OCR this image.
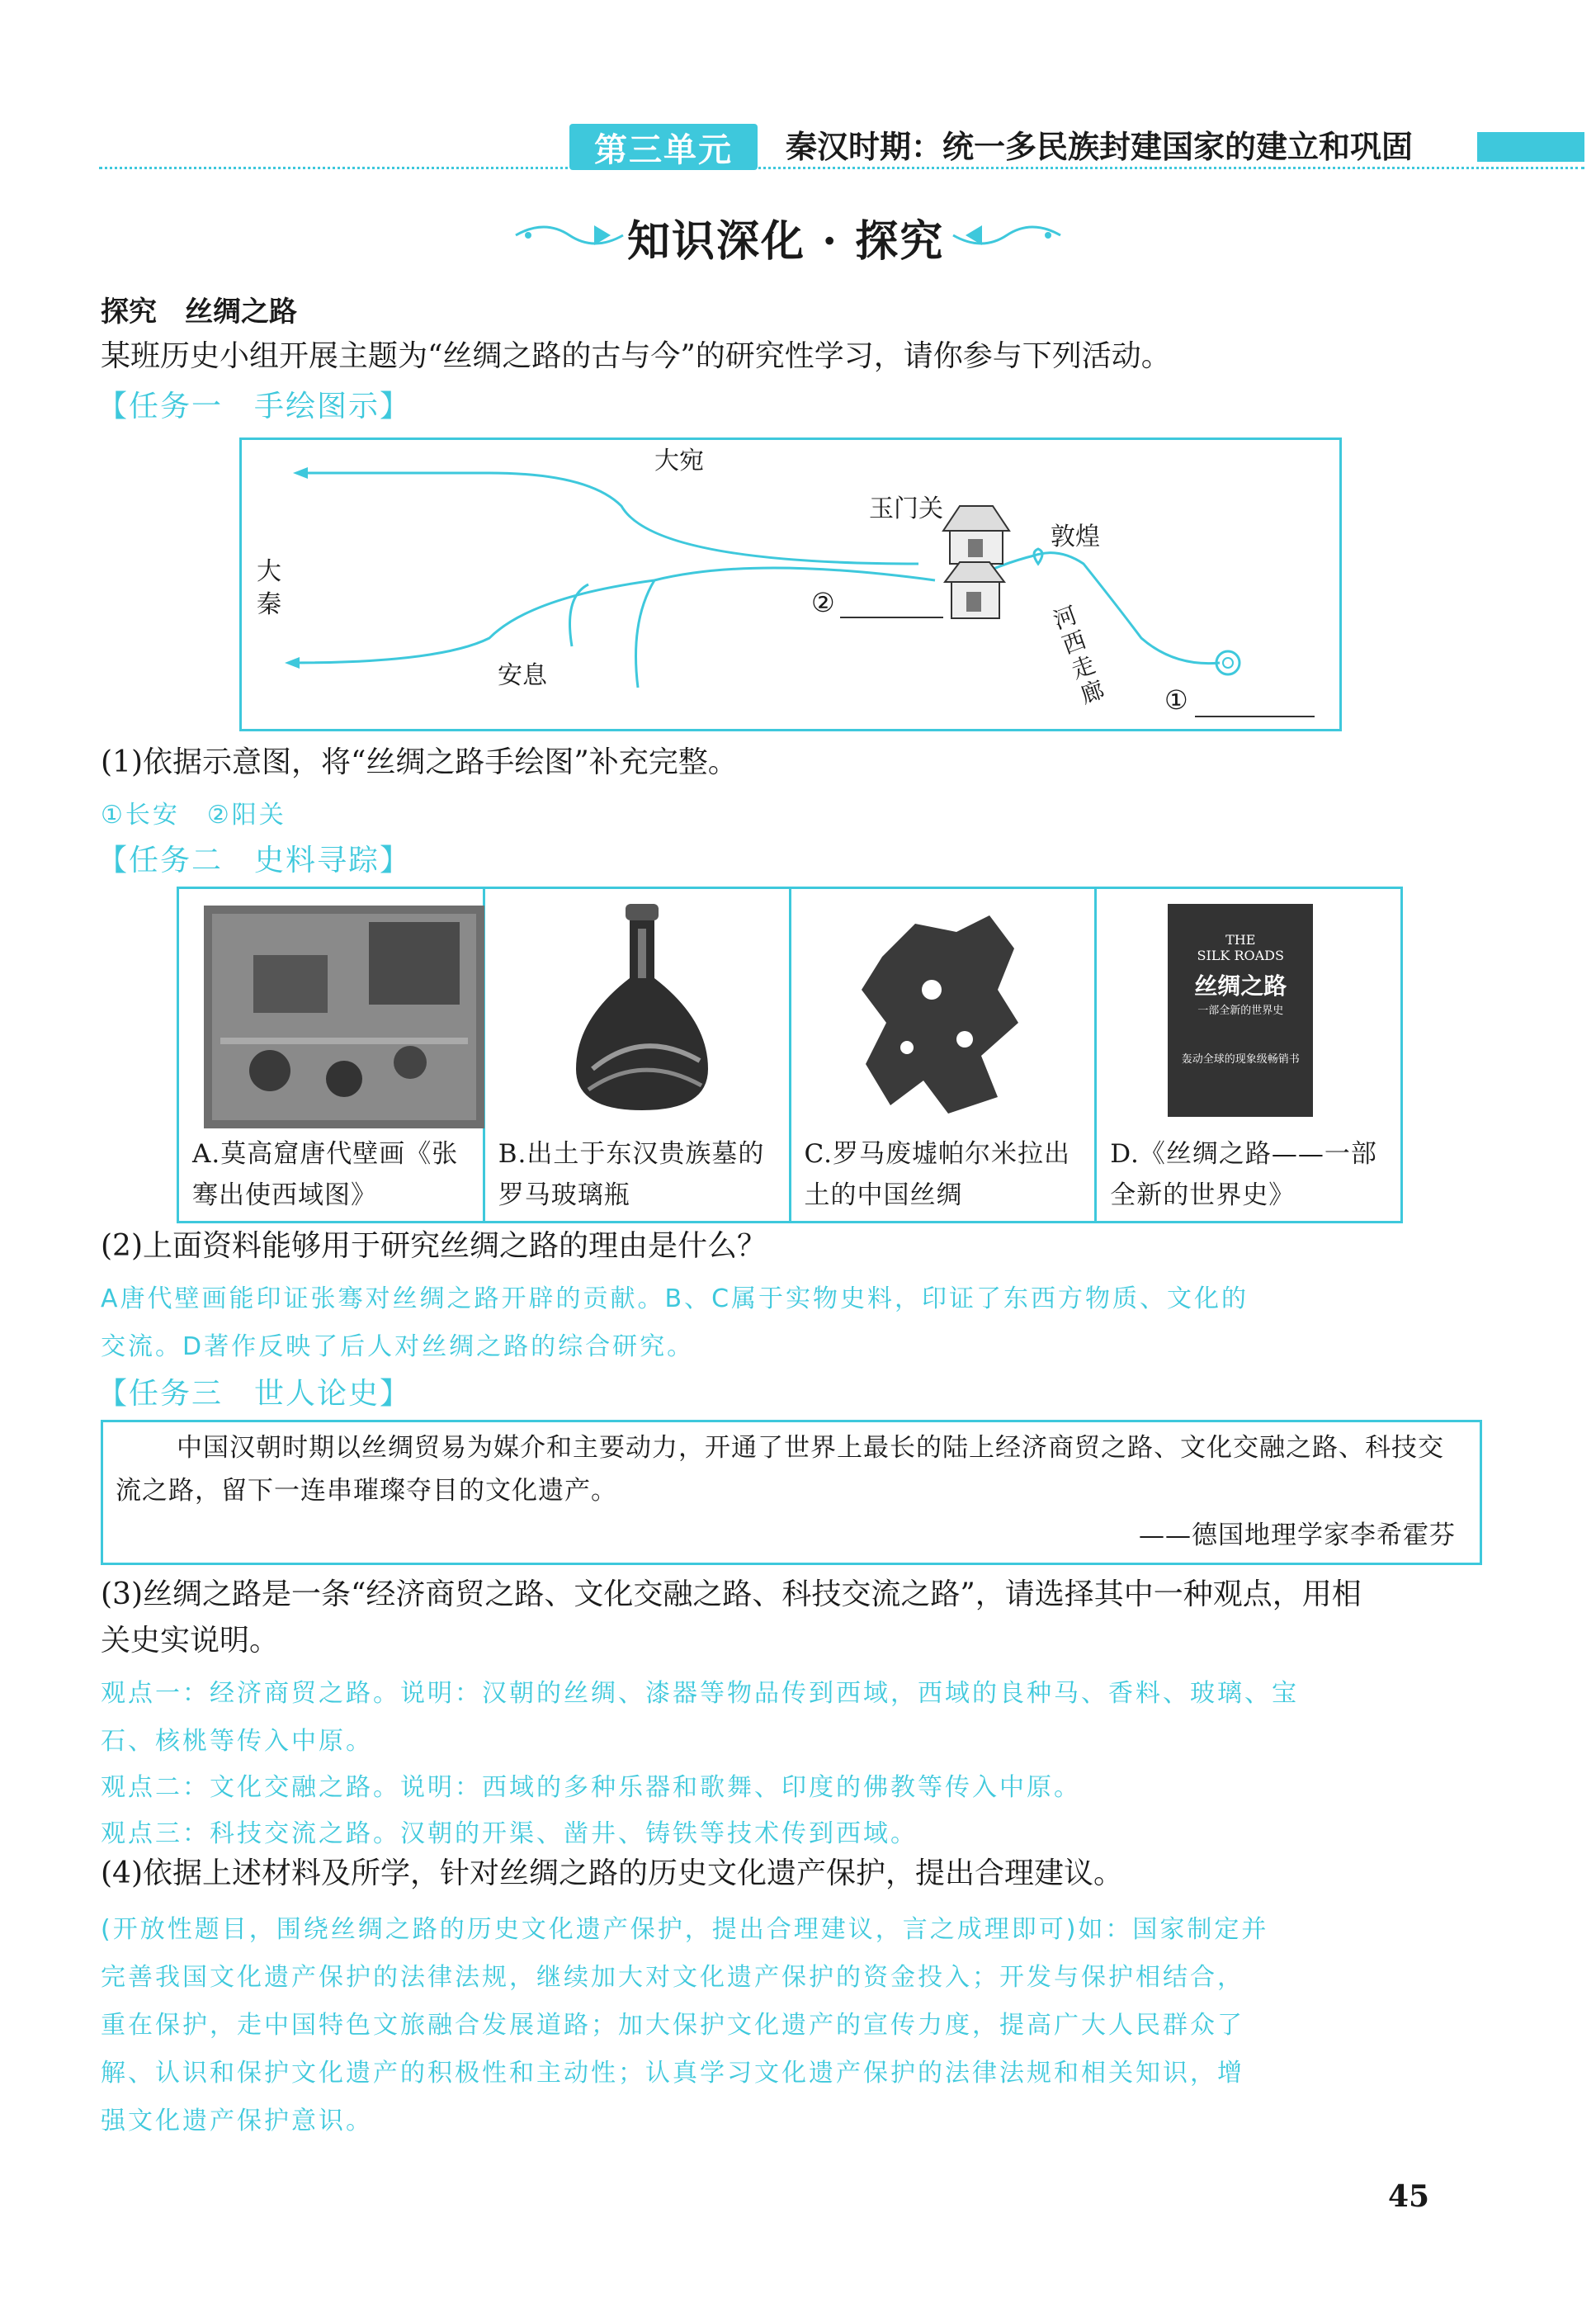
第三单元	秦汉时期：统一多民族封建国家的建立和巩固
知识深化 · 探究
探究　丝绸之路
某班历史小组开展主题为“丝绸之路的古与今”的研究性学习，请你参与下列活动。
【任务一　手绘图示】
大宛
玉门关
敦煌
大秦	②	河西走廊
安息
①
(1)依据示意图，将“丝绸之路手绘图”补充完整。
①长安　②阳关
【任务二　史料寻踪】
A.莫高窟唐代壁画《张骞出使西域图》
B.出土于东汉贵族墓的罗马玻璃瓶
C.罗马废墟帕尔米拉出土的中国丝绸
THE
SILK ROADS
丝绸之路
一部全新的世界史
轰动全球的现象级畅销书
D.《丝绸之路——一部全新的世界史》
(2)上面资料能够用于研究丝绸之路的理由是什么？
A唐代壁画能印证张骞对丝绸之路开辟的贡献。B、C属于实物史料，印证了东西方物质、文化的
交流。D著作反映了后人对丝绸之路的综合研究。
【任务三　世人论史】
中国汉朝时期以丝绸贸易为媒介和主要动力，开通了世界上最长的陆上经济商贸之路、文化交融之路、科技交流之路，留下一连串璀璨夺目的文化遗产。
——德国地理学家李希霍芬
(3)丝绸之路是一条“经济商贸之路、文化交融之路、科技交流之路”，请选择其中一种观点，用相
关史实说明。
观点一：经济商贸之路。说明：汉朝的丝绸、漆器等物品传到西域，西域的良种马、香料、玻璃、宝
石、核桃等传入中原。
观点二：文化交融之路。说明：西域的多种乐器和歌舞、印度的佛教等传入中原。
观点三：科技交流之路。汉朝的开渠、凿井、铸铁等技术传到西域。
(4)依据上述材料及所学，针对丝绸之路的历史文化遗产保护，提出合理建议。
(开放性题目，围绕丝绸之路的历史文化遗产保护，提出合理建议，言之成理即可)如：国家制定并
完善我国文化遗产保护的法律法规，继续加大对文化遗产保护的资金投入；开发与保护相结合，
重在保护，走中国特色文旅融合发展道路；加大保护文化遗产的宣传力度，提高广大人民群众了
解、认识和保护文化遗产的积极性和主动性；认真学习文化遗产保护的法律法规和相关知识，增
强文化遗产保护意识。
45
